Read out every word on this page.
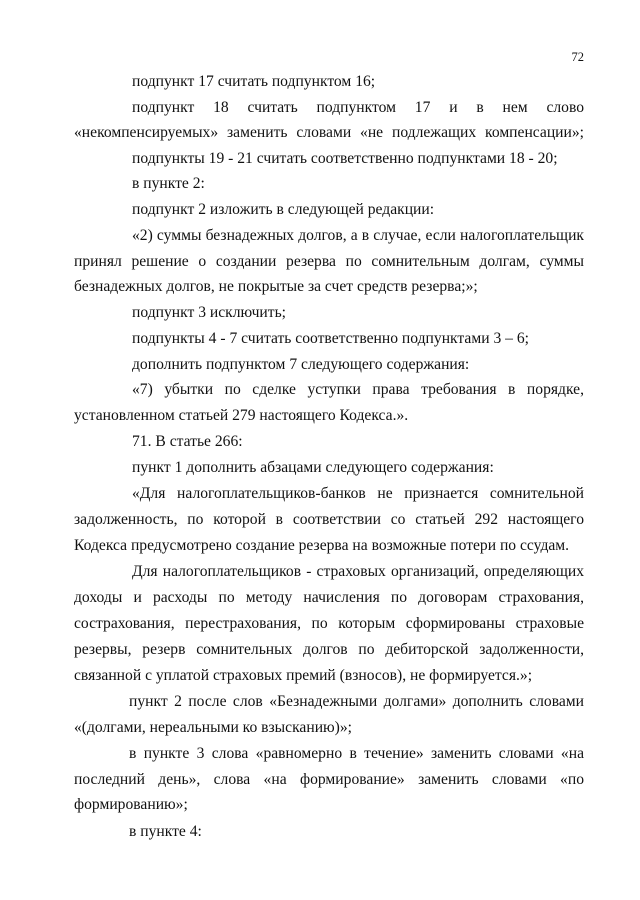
72
подпункт 17 считать подпунктом 16;
подпункт 18 считать подпунктом 17 и в нем слово
«некомпенсируемых» заменить словами «не подлежащих компенсации»;
подпункты 19 - 21 считать соответственно подпунктами 18 - 20;
в пункте 2:
подпункт 2 изложить в следующей редакции:
«2) суммы безнадежных долгов, а в случае, если налогоплательщик
принял решение о создании резерва по сомнительным долгам, суммы
безнадежных долгов, не покрытые за счет средств резерва;»;
подпункт 3 исключить;
подпункты 4 - 7 считать соответственно подпунктами 3 – 6;
дополнить подпунктом 7 следующего содержания:
«7) убытки по сделке уступки права требования в порядке,
установленном статьей 279 настоящего Кодекса.».
71. В статье 266:
пункт 1 дополнить абзацами следующего содержания:
«Для налогоплательщиков-банков не признается сомнительной
задолженность, по которой в соответствии со статьей 292 настоящего
Кодекса предусмотрено создание резерва на возможные потери по ссудам.
Для налогоплательщиков - страховых организаций, определяющих
доходы и расходы по методу начисления по договорам страхования,
сострахования, перестрахования, по которым сформированы страховые
резервы, резерв сомнительных долгов по дебиторской задолженности,
связанной с уплатой страховых премий (взносов), не формируется.»;
пункт 2 после слов «Безнадежными долгами» дополнить словами
«(долгами, нереальными ко взысканию)»;
в пункте 3 слова «равномерно в течение» заменить словами «на
последний день», слова «на формирование» заменить словами «по
формированию»;
в пункте 4:
